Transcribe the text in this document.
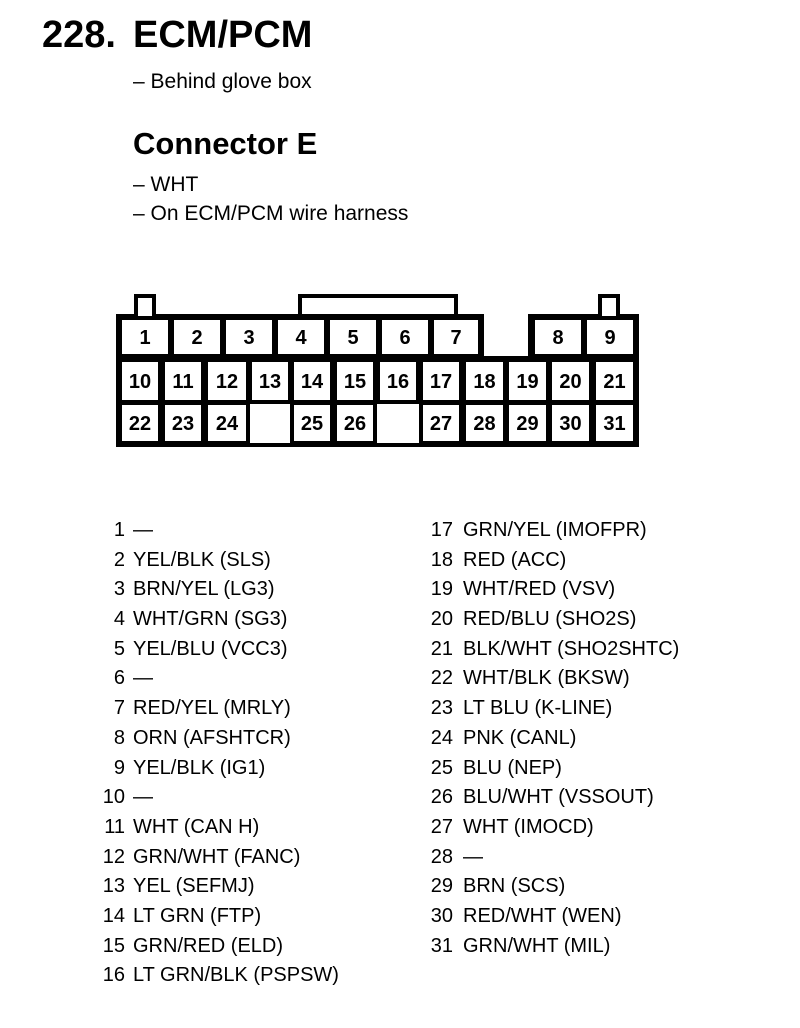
228. ECM/PCM
– Behind glove box
Connector E
– WHT
– On ECM/PCM wire harness
1 2 3 4 5 6 7	8 9
10 11 12 13 14 15 16 17 18 19 20 21
22 23 24	25 26	27 28 29 30 31
1 —
2 YEL/BLK (SLS)
3 BRN/YEL (LG3)
4 WHT/GRN (SG3)
5 YEL/BLU (VCC3)
6 —
7 RED/YEL (MRLY)
8 ORN (AFSHTCR)
9 YEL/BLK (IG1)
10 —
11 WHT (CAN H)
12 GRN/WHT (FANC)
13 YEL (SEFMJ)
14 LT GRN (FTP)
15 GRN/RED (ELD)
16 LT GRN/BLK (PSPSW)
17 GRN/YEL (IMOFPR)
18 RED (ACC)
19 WHT/RED (VSV)
20 RED/BLU (SHO2S)
21 BLK/WHT (SHO2SHTC)
22 WHT/BLK (BKSW)
23 LT BLU (K-LINE)
24 PNK (CANL)
25 BLU (NEP)
26 BLU/WHT (VSSOUT)
27 WHT (IMOCD)
28 —
29 BRN (SCS)
30 RED/WHT (WEN)
31 GRN/WHT (MIL)
